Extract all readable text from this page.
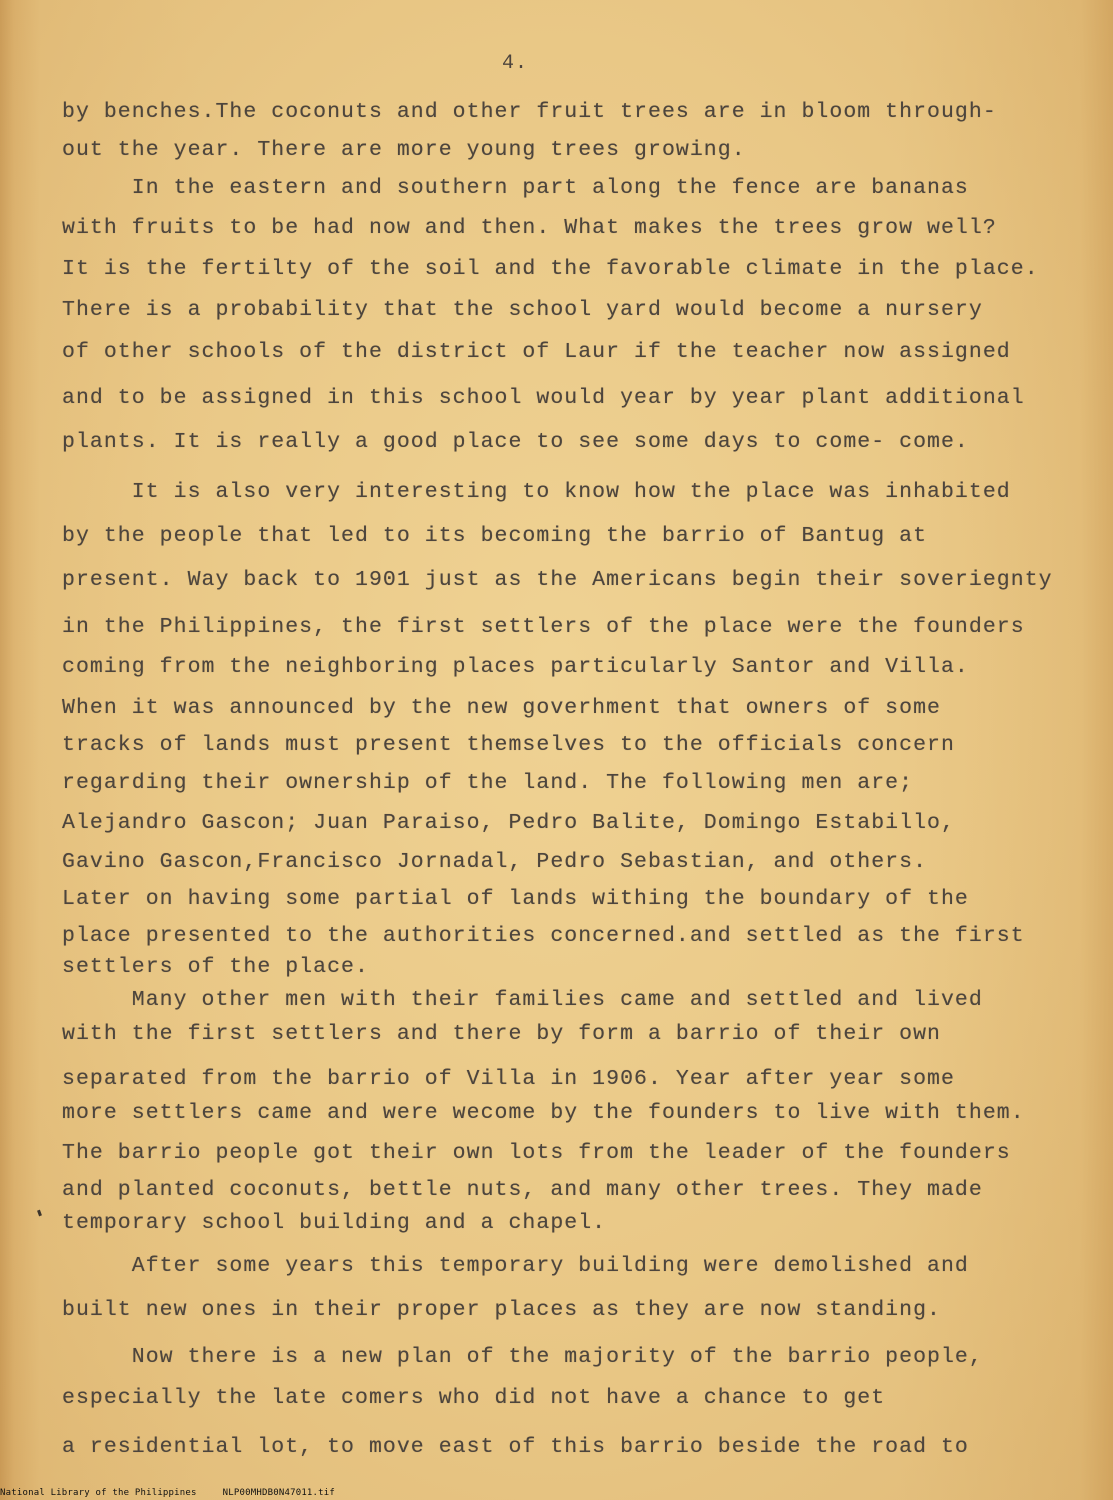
4.
by benches.The coconuts and other fruit trees are in bloom through-
out the year. There are more young trees growing.
In the eastern and southern part along the fence are bananas
with fruits to be had now and then. What makes the trees grow well?
It is the fertilty of the soil and the favorable climate in the place.
There is a probability that the school yard would become a nursery
of other schools of the district of Laur if the teacher now assigned
and to be assigned in this school would year by year plant additional
plants. It is really a good place to see some days to come- come.
It is also very interesting to know how the place was inhabited
by the people that led to its becoming the barrio of Bantug at
present. Way back to 1901 just as the Americans begin their soveriegnty
in the Philippines, the first settlers of the place were the founders
coming from the neighboring places particularly Santor and Villa.
When it was announced by the new goverhment that owners of some
tracks of lands must present themselves to the officials concern
regarding their ownership of the land. The following men are;
Alejandro Gascon; Juan Paraiso, Pedro Balite, Domingo Estabillo,
Gavino Gascon,Francisco Jornadal, Pedro Sebastian, and others.
Later on having some partial of lands withing the boundary of the
place presented to the authorities concerned.and settled as the first
settlers of the place.
Many other men with their families came and settled and lived
with the first settlers and there by form a barrio of their own
separated from the barrio of Villa in 1906. Year after year some
more settlers came and were wecome by the founders to live with them.
The barrio people got their own lots from the leader of the founders
and planted coconuts, bettle nuts, and many other trees. They made
temporary school building and a chapel.
After some years this temporary building were demolished and
built new ones in their proper places as they are now standing.
Now there is a new plan of the majority of the barrio people,
especially the late comers who did not have a chance to get
a residential lot, to move east of this barrio beside the road to
National Library of the Philippines	NLP00MHDB0N47011.tif
